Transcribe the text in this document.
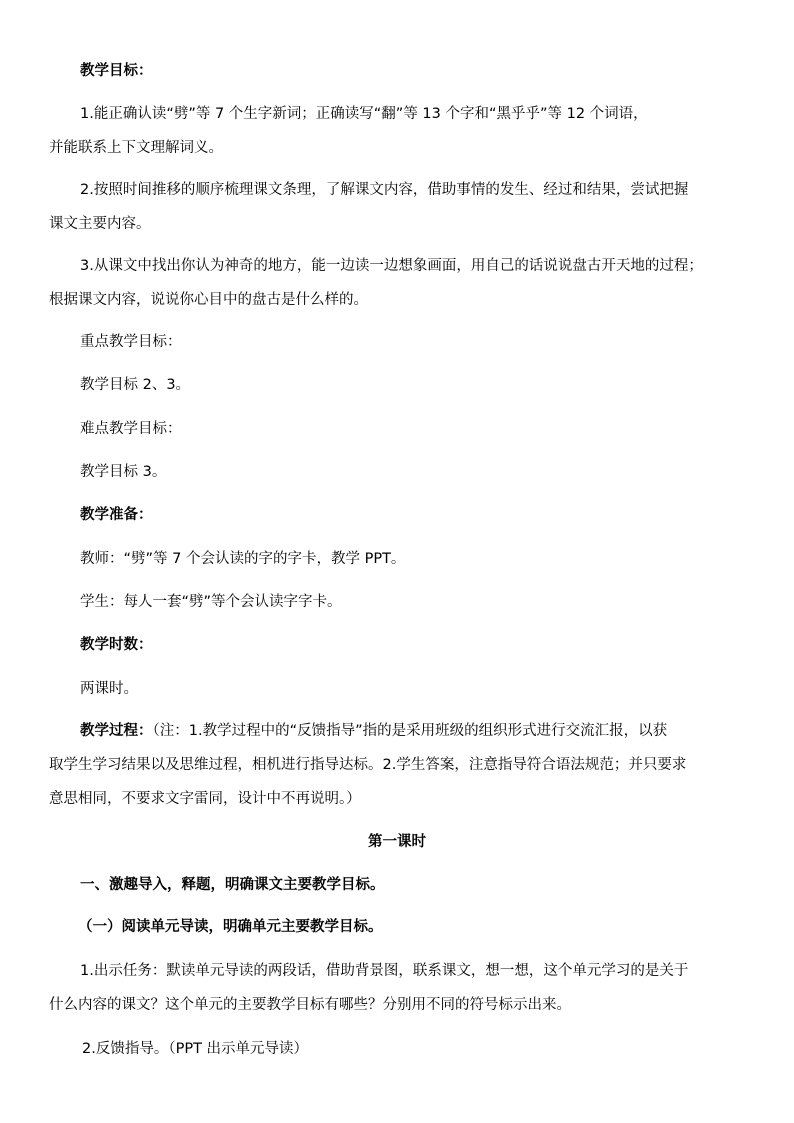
教学目标：

1.能正确认读“劈”等 7 个生字新词；正确读写“翻”等 13 个字和“黑乎乎”等 12 个词语，

并能联系上下文理解词义。

2.按照时间推移的顺序梳理课文条理，了解课文内容，借助事情的发生、经过和结果，尝试把握

课文主要内容。

3.从课文中找出你认为神奇的地方，能一边读一边想象画面，用自己的话说说盘古开天地的过程；

根据课文内容，说说你心目中的盘古是什么样的。

重点教学目标：

教学目标 2、3。

难点教学目标：

教学目标 3。

教学准备：

教师：“劈”等 7 个会认读的字的字卡，教学 PPT。

学生：每人一套“劈”等个会认读字字卡。

教学时数：

两课时。

教学过程：（注：1.教学过程中的“反馈指导”指的是采用班级的组织形式进行交流汇报，以获

取学生学习结果以及思维过程，相机进行指导达标。2.学生答案，注意指导符合语法规范；并只要求

意思相同，不要求文字雷同，设计中不再说明。）

第一课时

一、激趣导入，释题，明确课文主要教学目标。

（一）阅读单元导读，明确单元主要教学目标。

1.出示任务：默读单元导读的两段话，借助背景图，联系课文，想一想，这个单元学习的是关于

什么内容的课文？这个单元的主要教学目标有哪些？分别用不同的符号标示出来。

2.反馈指导。（PPT 出示单元导读）
